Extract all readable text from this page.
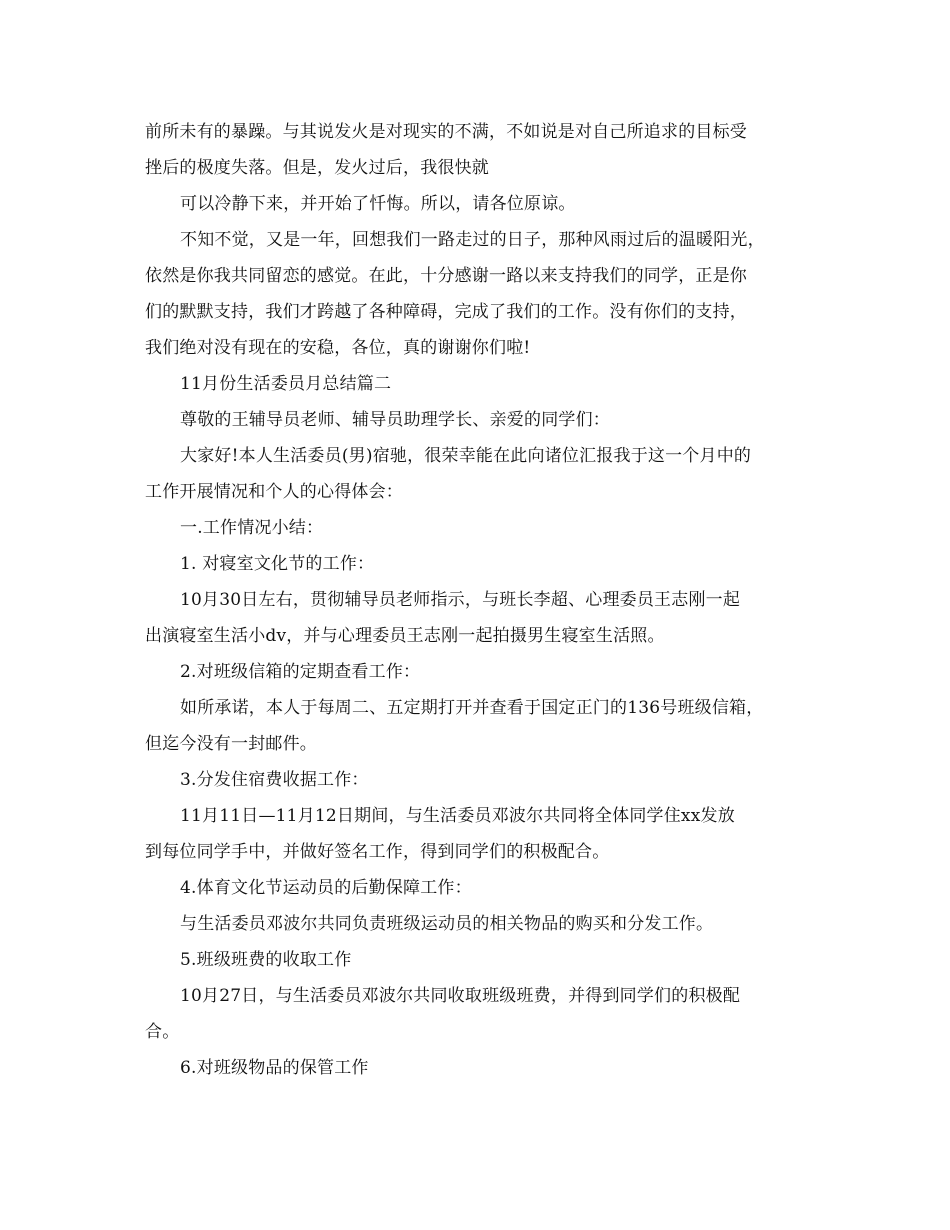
前所未有的暴躁。与其说发火是对现实的不满，不如说是对自己所追求的目标受
挫后的极度失落。但是，发火过后，我很快就
可以冷静下来，并开始了忏悔。所以，请各位原谅。
不知不觉，又是一年，回想我们一路走过的日子，那种风雨过后的温暖阳光，
依然是你我共同留恋的感觉。在此，十分感谢一路以来支持我们的同学，正是你
们的默默支持，我们才跨越了各种障碍，完成了我们的工作。没有你们的支持，
我们绝对没有现在的安稳，各位，真的谢谢你们啦!
11月份生活委员月总结篇二
尊敬的王辅导员老师、辅导员助理学长、亲爱的同学们：
大家好!本人生活委员(男)宿驰，很荣幸能在此向诸位汇报我于这一个月中的
工作开展情况和个人的心得体会：
一.工作情况小结：
1. 对寝室文化节的工作：
10月30日左右，贯彻辅导员老师指示，与班长李超、心理委员王志刚一起
出演寝室生活小dv，并与心理委员王志刚一起拍摄男生寝室生活照。
2.对班级信箱的定期查看工作：
如所承诺，本人于每周二、五定期打开并查看于国定正门的136号班级信箱，
但迄今没有一封邮件。
3.分发住宿费收据工作：
11月11日—11月12日期间，与生活委员邓波尔共同将全体同学住xx发放
到每位同学手中，并做好签名工作，得到同学们的积极配合。
4.体育文化节运动员的后勤保障工作：
与生活委员邓波尔共同负责班级运动员的相关物品的购买和分发工作。
5.班级班费的收取工作
10月27日，与生活委员邓波尔共同收取班级班费，并得到同学们的积极配
合。
6.对班级物品的保管工作
